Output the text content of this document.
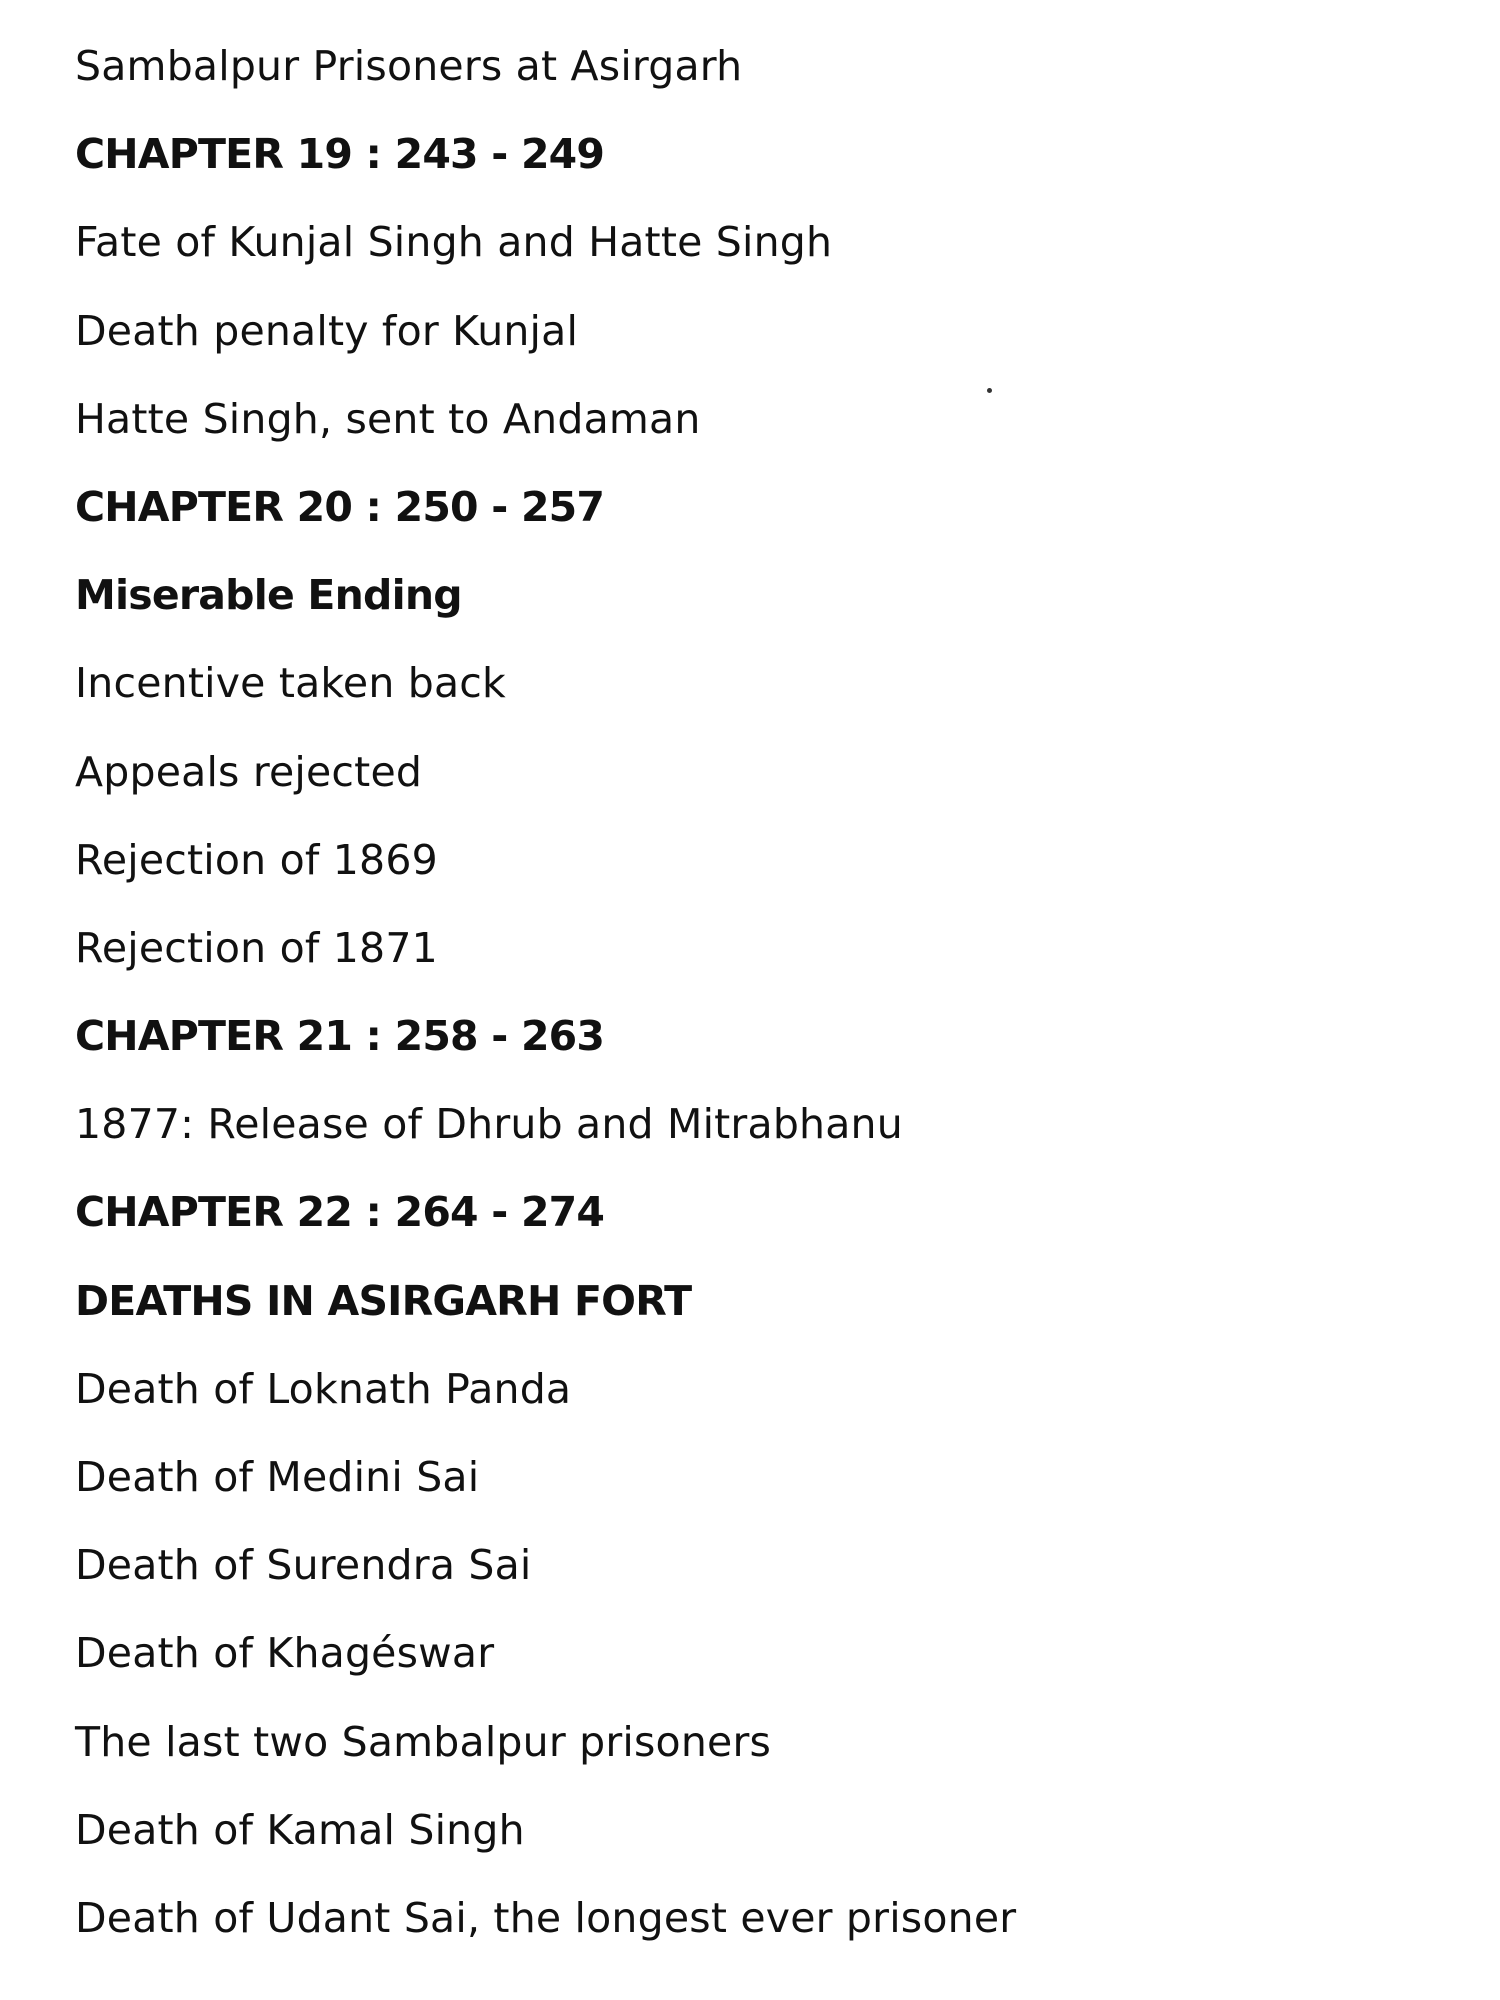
Sambalpur Prisoners at Asirgarh
CHAPTER 19 : 243 - 249
Fate of Kunjal Singh and Hatte Singh
Death penalty for Kunjal
Hatte Singh, sent to Andaman
CHAPTER 20 : 250 - 257
Miserable Ending
Incentive taken back
Appeals rejected
Rejection of 1869
Rejection of 1871
CHAPTER 21 : 258 - 263
1877: Release of Dhrub and Mitrabhanu
CHAPTER 22 : 264 - 274
DEATHS IN ASIRGARH FORT
Death of Loknath Panda
Death of Medini Sai
Death of Surendra Sai
Death of Khagéswar
The last two Sambalpur prisoners
Death of Kamal Singh
Death of Udant Sai, the longest ever prisoner
